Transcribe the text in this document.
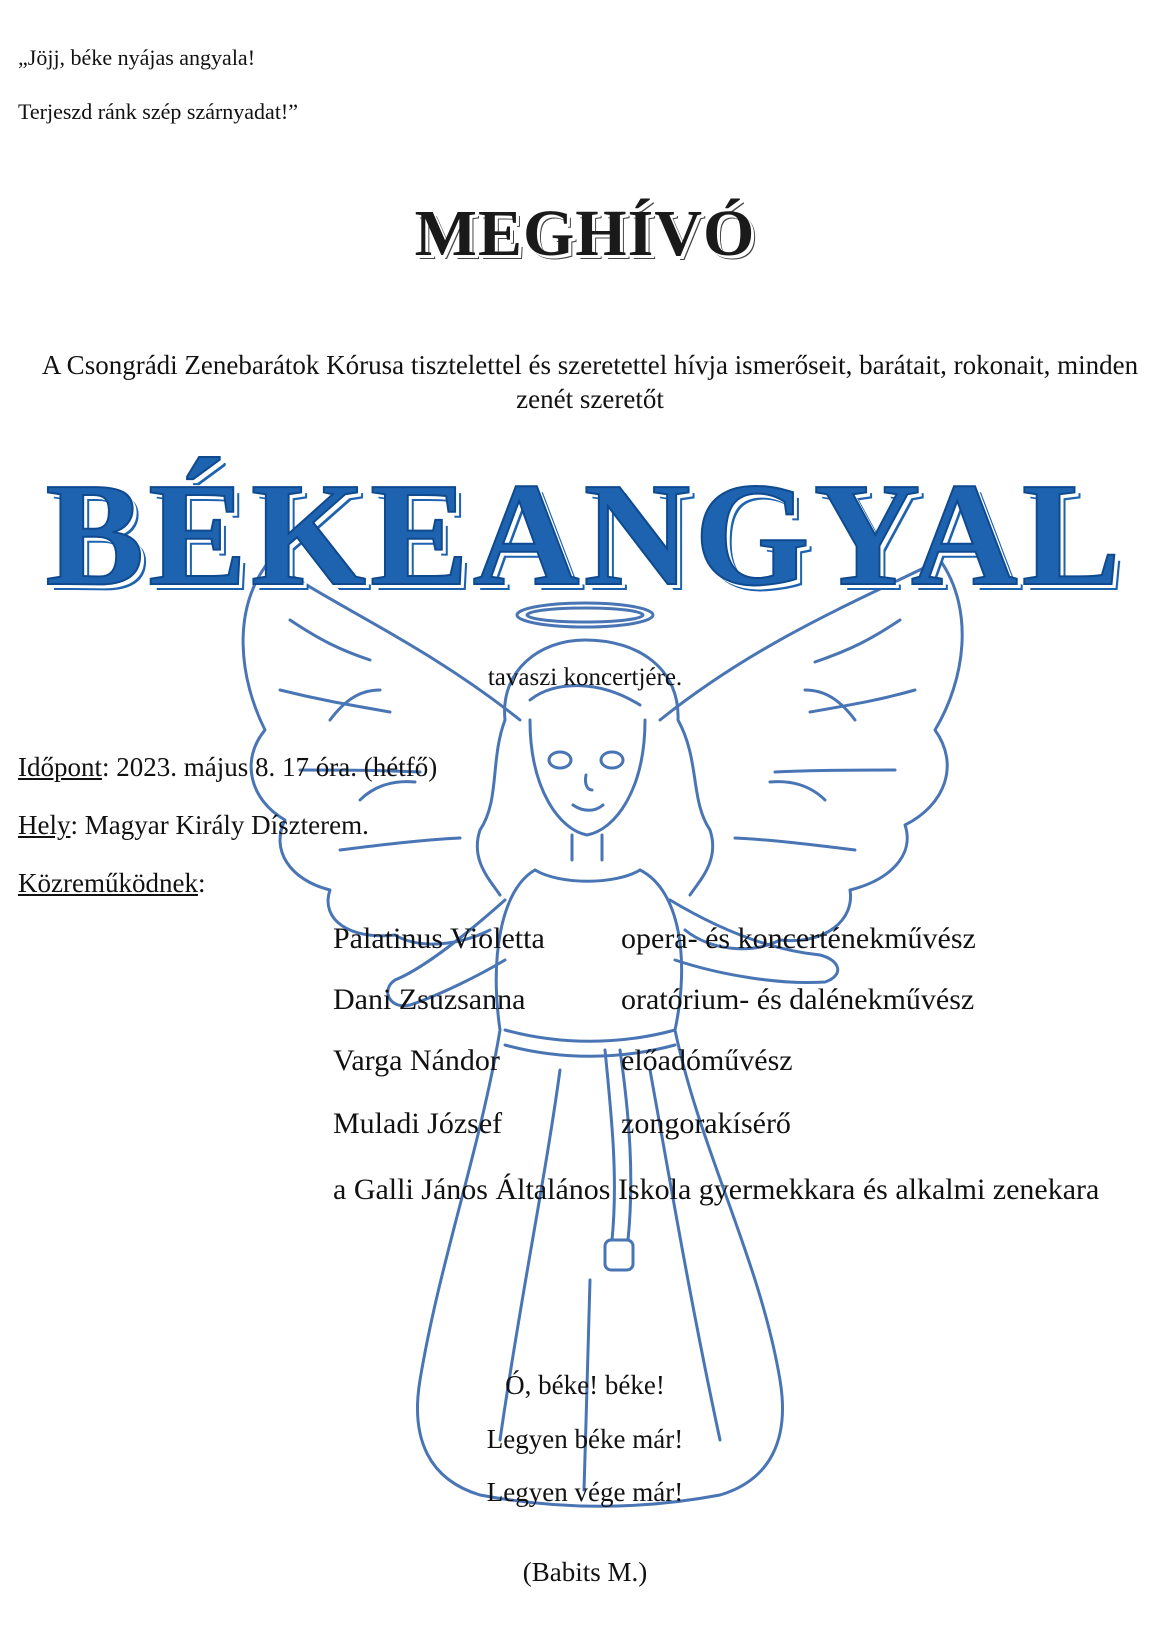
„Jöjj, béke nyájas angyala!
Terjeszd ránk szép szárnyadat!”
MEGHÍVÓ
A Csongrádi Zenebarátok Kórusa tisztelettel és szeretettel hívja ismerőseit, barátait, rokonait, minden zenét szeretőt
BÉKEANGYAL
tavaszi koncertjére.
Időpont: 2023. május 8. 17 óra. (hétfő)
Hely: Magyar Király Díszterem.
Közreműködnek:
Palatinus Violetta	opera- és koncerténekművész
Dani Zsuzsanna	oratórium- és dalénekművész
Varga Nándor	előadóművész
Muladi József	zongorakísérő
a Galli János Általános Iskola gyermekkara és alkalmi zenekara
Ó, béke! béke!
Legyen béke már!
Legyen vége már!
(Babits M.)
